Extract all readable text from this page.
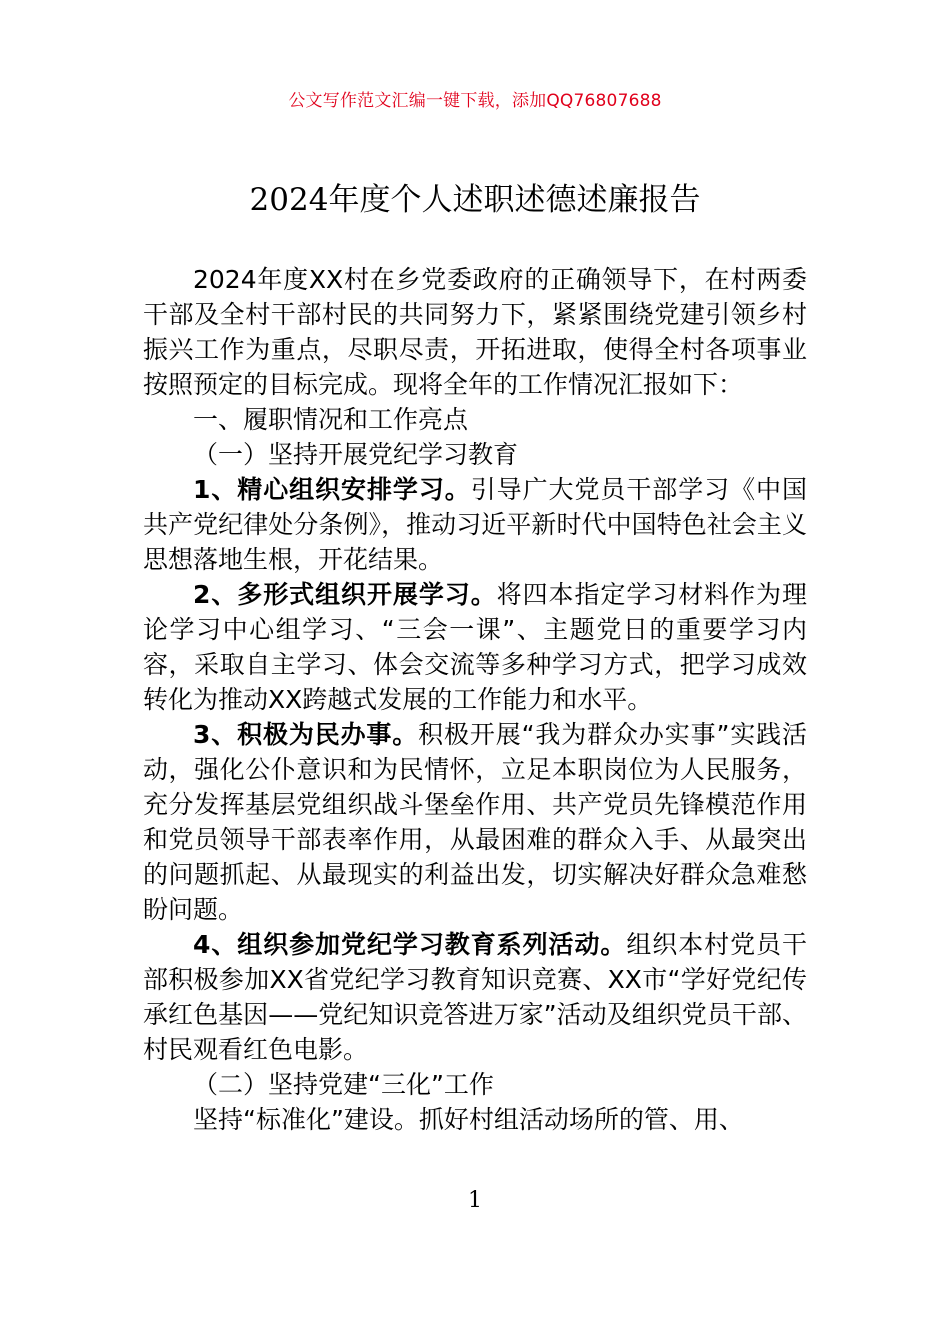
公文写作范文汇编一键下载，添加QQ76807688
2024年度个人述职述德述廉报告

2024年度XX村在乡党委政府的正确领导下，在村两委干部及全村干部村民的共同努力下，紧紧围绕党建引领乡村振兴工作为重点，尽职尽责，开拓进取，使得全村各项事业按照预定的目标完成。现将全年的工作情况汇报如下：

一、履职情况和工作亮点

（一）坚持开展党纪学习教育

1、精心组织安排学习。引导广大党员干部学习《中国共产党纪律处分条例》，推动习近平新时代中国特色社会主义思想落地生根，开花结果。

2、多形式组织开展学习。将四本指定学习材料作为理论学习中心组学习、“三会一课”、主题党日的重要学习内容，采取自主学习、体会交流等多种学习方式，把学习成效转化为推动XX跨越式发展的工作能力和水平。

3、积极为民办事。积极开展“我为群众办实事”实践活动，强化公仆意识和为民情怀，立足本职岗位为人民服务，充分发挥基层党组织战斗堡垒作用、共产党员先锋模范作用和党员领导干部表率作用，从最困难的群众入手、从最突出的问题抓起、从最现实的利益出发，切实解决好群众急难愁盼问题。

4、组织参加党纪学习教育系列活动。组织本村党员干部积极参加XX省党纪学习教育知识竞赛、XX市“学好党纪传承红色基因——党纪知识竞答进万家”活动及组织党员干部、村民观看红色电影。

（二）坚持党建“三化”工作

坚持“标准化”建设。抓好村组活动场所的管、用、

1
